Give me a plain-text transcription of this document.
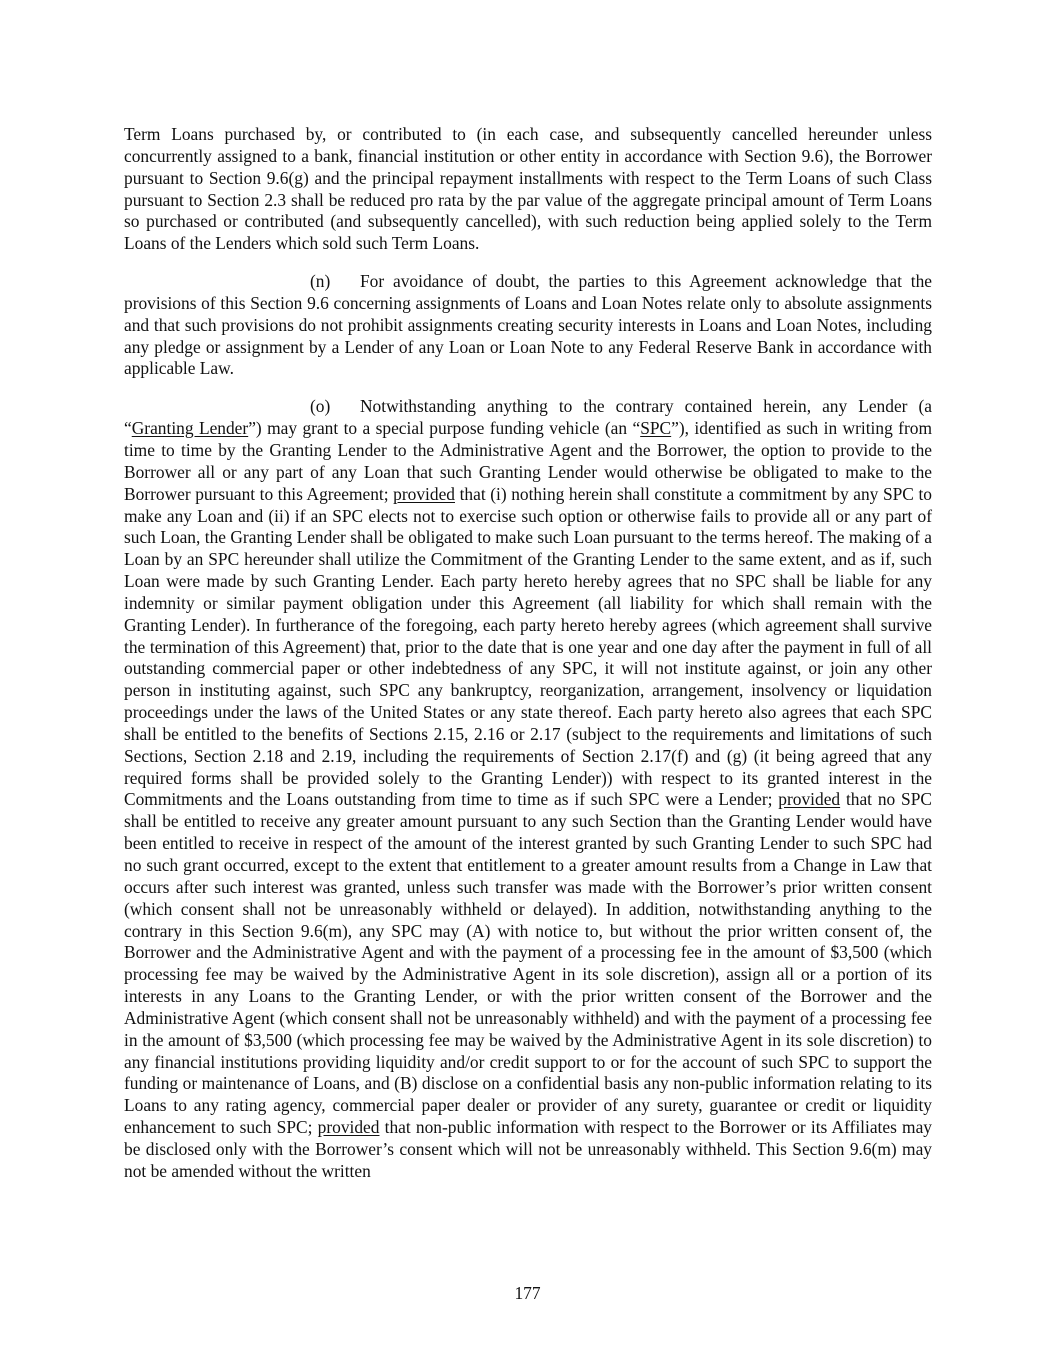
Term Loans purchased by, or contributed to (in each case, and subsequently cancelled hereunder unless concurrently assigned to a bank, financial institution or other entity in accordance with Section 9.6), the Borrower pursuant to Section 9.6(g) and the principal repayment installments with respect to the Term Loans of such Class pursuant to Section 2.3 shall be reduced pro rata by the par value of the aggregate principal amount of Term Loans so purchased or contributed (and subsequently cancelled), with such reduction being applied solely to the Term Loans of the Lenders which sold such Term Loans.

(n) For avoidance of doubt, the parties to this Agreement acknowledge that the provisions of this Section 9.6 concerning assignments of Loans and Loan Notes relate only to absolute assignments and that such provisions do not prohibit assignments creating security interests in Loans and Loan Notes, including any pledge or assignment by a Lender of any Loan or Loan Note to any Federal Reserve Bank in accordance with applicable Law.

(o) Notwithstanding anything to the contrary contained herein, any Lender (a “Granting Lender”) may grant to a special purpose funding vehicle (an “SPC”), identified as such in writing from time to time by the Granting Lender to the Administrative Agent and the Borrower, the option to provide to the Borrower all or any part of any Loan that such Granting Lender would otherwise be obligated to make to the Borrower pursuant to this Agreement; provided that (i) nothing herein shall constitute a commitment by any SPC to make any Loan and (ii) if an SPC elects not to exercise such option or otherwise fails to provide all or any part of such Loan, the Granting Lender shall be obligated to make such Loan pursuant to the terms hereof. The making of a Loan by an SPC hereunder shall utilize the Commitment of the Granting Lender to the same extent, and as if, such Loan were made by such Granting Lender. Each party hereto hereby agrees that no SPC shall be liable for any indemnity or similar payment obligation under this Agreement (all liability for which shall remain with the Granting Lender). In furtherance of the foregoing, each party hereto hereby agrees (which agreement shall survive the termination of this Agreement) that, prior to the date that is one year and one day after the payment in full of all outstanding commercial paper or other indebtedness of any SPC, it will not institute against, or join any other person in instituting against, such SPC any bankruptcy, reorganization, arrangement, insolvency or liquidation proceedings under the laws of the United States or any state thereof. Each party hereto also agrees that each SPC shall be entitled to the benefits of Sections 2.15, 2.16 or 2.17 (subject to the requirements and limitations of such Sections, Section 2.18 and 2.19, including the requirements of Section 2.17(f) and (g) (it being agreed that any required forms shall be provided solely to the Granting Lender)) with respect to its granted interest in the Commitments and the Loans outstanding from time to time as if such SPC were a Lender; provided that no SPC shall be entitled to receive any greater amount pursuant to any such Section than the Granting Lender would have been entitled to receive in respect of the amount of the interest granted by such Granting Lender to such SPC had no such grant occurred, except to the extent that entitlement to a greater amount results from a Change in Law that occurs after such interest was granted, unless such transfer was made with the Borrower’s prior written consent (which consent shall not be unreasonably withheld or delayed). In addition, notwithstanding anything to the contrary in this Section 9.6(m), any SPC may (A) with notice to, but without the prior written consent of, the Borrower and the Administrative Agent and with the payment of a processing fee in the amount of $3,500 (which processing fee may be waived by the Administrative Agent in its sole discretion), assign all or a portion of its interests in any Loans to the Granting Lender, or with the prior written consent of the Borrower and the Administrative Agent (which consent shall not be unreasonably withheld) and with the payment of a processing fee in the amount of $3,500 (which processing fee may be waived by the Administrative Agent in its sole discretion) to any financial institutions providing liquidity and/or credit support to or for the account of such SPC to support the funding or maintenance of Loans, and (B) disclose on a confidential basis any non-public information relating to its Loans to any rating agency, commercial paper dealer or provider of any surety, guarantee or credit or liquidity enhancement to such SPC; provided that non-public information with respect to the Borrower or its Affiliates may be disclosed only with the Borrower’s consent which will not be unreasonably withheld. This Section 9.6(m) may not be amended without the written

177
